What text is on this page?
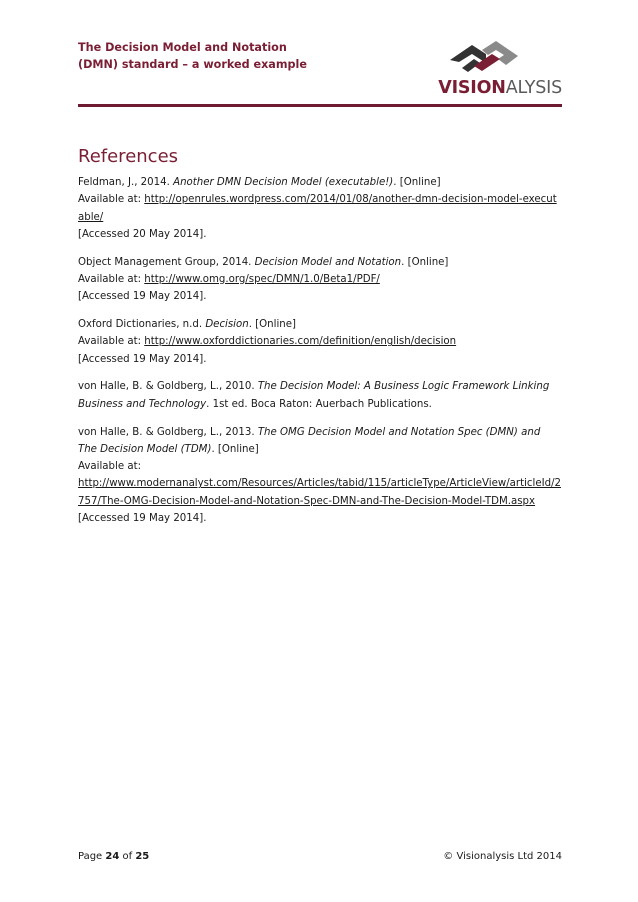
The Decision Model and Notation
(DMN) standard – a worked example
VISIONALYSIS
References
Feldman, J., 2014. Another DMN Decision Model (executable!). [Online]
Available at: http://openrules.wordpress.com/2014/01/08/another-dmn-decision-model-executable/
[Accessed 20 May 2014].
Object Management Group, 2014. Decision Model and Notation. [Online]
Available at: http://www.omg.org/spec/DMN/1.0/Beta1/PDF/
[Accessed 19 May 2014].
Oxford Dictionaries, n.d. Decision. [Online]
Available at: http://www.oxforddictionaries.com/definition/english/decision
[Accessed 19 May 2014].
von Halle, B. & Goldberg, L., 2010. The Decision Model: A Business Logic Framework Linking Business and Technology. 1st ed. Boca Raton: Auerbach Publications.
von Halle, B. & Goldberg, L., 2013. The OMG Decision Model and Notation Spec (DMN) and The Decision Model (TDM). [Online]
Available at:
http://www.modernanalyst.com/Resources/Articles/tabid/115/articleType/ArticleView/articleId/2757/The-OMG-Decision-Model-and-Notation-Spec-DMN-and-The-Decision-Model-TDM.aspx
[Accessed 19 May 2014].
Page 24 of 25	© Visionalysis Ltd 2014
